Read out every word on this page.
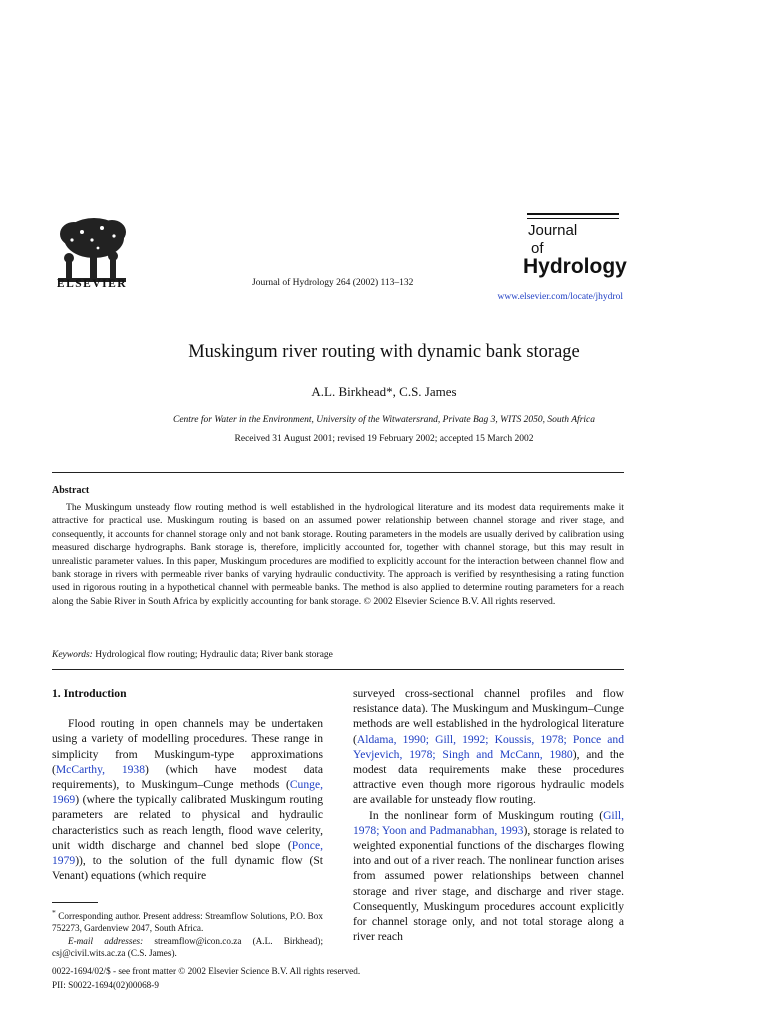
ELSEVIER	Journal of Hydrology 264 (2002) 113–132
Journal
of
Hydrology
www.elsevier.com/locate/jhydrol
Muskingum river routing with dynamic bank storage
A.L. Birkhead*, C.S. James
Centre for Water in the Environment, University of the Witwatersrand, Private Bag 3, WITS 2050, South Africa
Received 31 August 2001; revised 19 February 2002; accepted 15 March 2002
Abstract
The Muskingum unsteady flow routing method is well established in the hydrological literature and its modest data requirements make it attractive for practical use. Muskingum routing is based on an assumed power relationship between channel storage and river stage, and consequently, it accounts for channel storage only and not bank storage. Routing parameters in the models are usually derived by calibration using measured discharge hydrographs. Bank storage is, therefore, implicitly accounted for, together with channel storage, but this may result in unrealistic parameter values. In this paper, Muskingum procedures are modified to explicitly account for the interaction between channel flow and bank storage in rivers with permeable river banks of varying hydraulic conductivity. The approach is verified by resynthesising a rating function used in rigorous routing in a hypothetical channel with permeable banks. The method is also applied to determine routing parameters for a reach along the Sabie River in South Africa by explicitly accounting for bank storage. © 2002 Elsevier Science B.V. All rights reserved.
Keywords: Hydrological flow routing; Hydraulic data; River bank storage
1. Introduction

Flood routing in open channels may be undertaken using a variety of modelling procedures. These range in simplicity from Muskingum-type approximations (McCarthy, 1938) (which have modest data requirements), to Muskingum–Cunge methods (Cunge, 1969) (where the typically calibrated Muskingum routing parameters are related to physical and hydraulic characteristics such as reach length, flood wave celerity, unit width discharge and channel bed slope (Ponce, 1979)), to the solution of the full dynamic flow (St Venant) equations (which require

surveyed cross-sectional channel profiles and flow resistance data). The Muskingum and Muskingum–Cunge methods are well established in the hydrological literature (Aldama, 1990; Gill, 1992; Koussis, 1978; Ponce and Yevjevich, 1978; Singh and McCann, 1980), and the modest data requirements make these procedures attractive even though more rigorous hydraulic models are available for unsteady flow routing.

In the nonlinear form of Muskingum routing (Gill, 1978; Yoon and Padmanabhan, 1993), storage is related to weighted exponential functions of the discharges flowing into and out of a river reach. The nonlinear function arises from assumed power relationships between channel storage and river stage, and discharge and river stage. Consequently, Muskingum procedures account explicitly for channel storage only, and not total storage along a river reach

* Corresponding author. Present address: Streamflow Solutions, P.O. Box 752273, Gardenview 2047, South Africa.

E-mail addresses: streamflow@icon.co.za (A.L. Birkhead); csj@civil.wits.ac.za (C.S. James).

0022-1694/02/$ - see front matter © 2002 Elsevier Science B.V. All rights reserved.
PII: S0022-1694(02)00068-9
